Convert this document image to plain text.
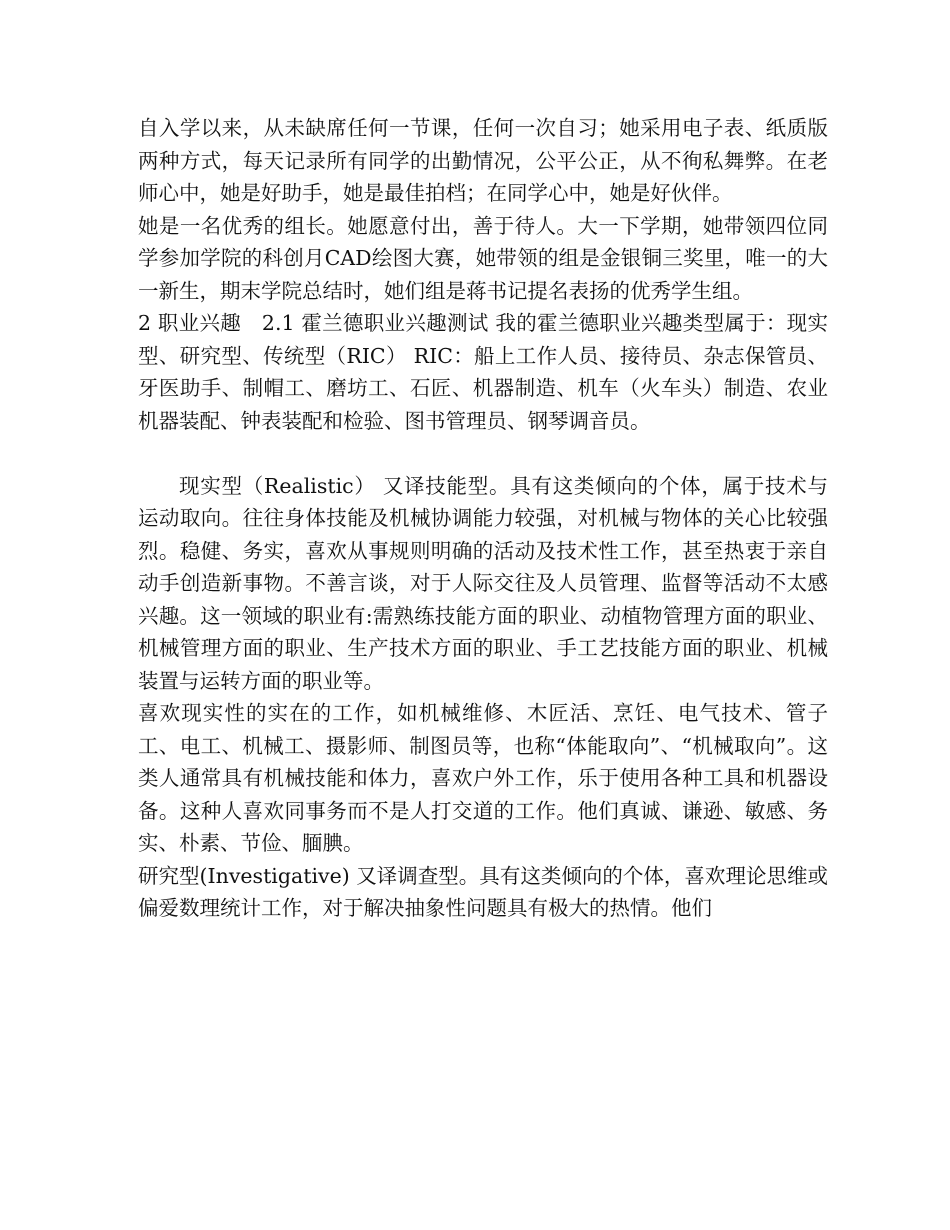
自入学以来，从未缺席任何一节课，任何一次自习；她采用电子表、纸质版两种方式，每天记录所有同学的出勤情况，公平公正，从不徇私舞弊。在老师心中，她是好助手，她是最佳拍档；在同学心中，她是好伙伴。

她是一名优秀的组长。她愿意付出，善于待人。大一下学期，她带领四位同学参加学院的科创月CAD绘图大赛，她带领的组是金银铜三奖里，唯一的大一新生，期末学院总结时，她们组是蒋书记提名表扬的优秀学生组。

2 职业兴趣　2.1 霍兰德职业兴趣测试 我的霍兰德职业兴趣类型属于：现实型、研究型、传统型（RIC） RIC：船上工作人员、接待员、杂志保管员、牙医助手、制帽工、磨坊工、石匠、机器制造、机车（火车头）制造、农业机器装配、钟表装配和检验、图书管理员、钢琴调音员。

现实型（Realistic） 又译技能型。具有这类倾向的个体，属于技术与运动取向。往往身体技能及机械协调能力较强，对机械与物体的关心比较强烈。稳健、务实，喜欢从事规则明确的活动及技术性工作，甚至热衷于亲自动手创造新事物。不善言谈，对于人际交往及人员管理、监督等活动不太感兴趣。这一领域的职业有:需熟练技能方面的职业、动植物管理方面的职业、机械管理方面的职业、生产技术方面的职业、手工艺技能方面的职业、机械装置与运转方面的职业等。

喜欢现实性的实在的工作，如机械维修、木匠活、烹饪、电气技术、管子工、电工、机械工、摄影师、制图员等，也称“体能取向”、“机械取向”。这类人通常具有机械技能和体力，喜欢户外工作，乐于使用各种工具和机器设备。这种人喜欢同事务而不是人打交道的工作。他们真诚、谦逊、敏感、务实、朴素、节俭、腼腆。

研究型(Investigative) 又译调查型。具有这类倾向的个体，喜欢理论思维或偏爱数理统计工作，对于解决抽象性问题具有极大的热情。他们
